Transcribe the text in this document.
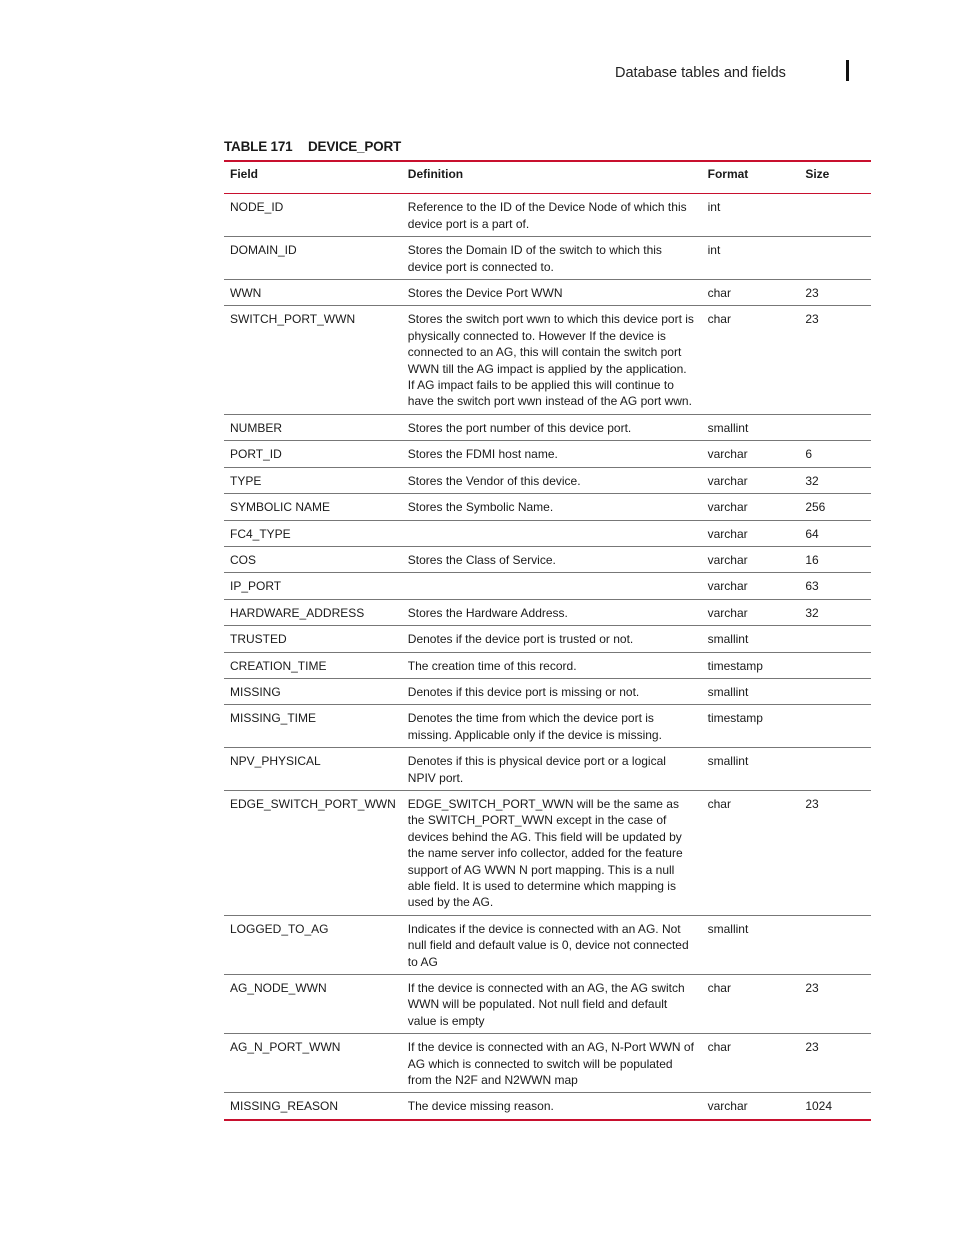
Database tables and fields
TABLE 171 DEVICE_PORT
Field	Definition	Format	Size
NODE_ID	Reference to the ID of the Device Node of which this device port is a part of.	int	
DOMAIN_ID	Stores the Domain ID of the switch to which this device port is connected to.	int	
WWN	Stores the Device Port WWN	char	23
SWITCH_PORT_WWN	Stores the switch port wwn to which this device port is physically connected to. However If the device is connected to an AG, this will contain the switch port WWN till the AG impact is applied by the application. If AG impact fails to be applied this will continue to have the switch port wwn instead of the AG port wwn.	char	23
NUMBER	Stores the port number of this device port.	smallint	
PORT_ID	Stores the FDMI host name.	varchar	6
TYPE	Stores the Vendor of this device.	varchar	32
SYMBOLIC NAME	Stores the Symbolic Name.	varchar	256
FC4_TYPE		varchar	64
COS	Stores the Class of Service.	varchar	16
IP_PORT		varchar	63
HARDWARE_ADDRESS	Stores the Hardware Address.	varchar	32
TRUSTED	Denotes if the device port is trusted or not.	smallint	
CREATION_TIME	The creation time of this record.	timestamp	
MISSING	Denotes if this device port is missing or not.	smallint	
MISSING_TIME	Denotes the time from which the device port is missing. Applicable only if the device is missing.	timestamp	
NPV_PHYSICAL	Denotes if this is physical device port or a logical NPIV port.	smallint	
EDGE_SWITCH_PORT_WWN	EDGE_SWITCH_PORT_WWN will be the same as the SWITCH_PORT_WWN except in the case of devices behind the AG. This field will be updated by the name server info collector, added for the feature support of AG WWN N port mapping. This is a null able field. It is used to determine which mapping is used by the AG.	char	23
LOGGED_TO_AG	Indicates if the device is connected with an AG. Not null field and default value is 0, device not connected to AG	smallint	
AG_NODE_WWN	If the device is connected with an AG, the AG switch WWN will be populated. Not null field and default value is empty	char	23
AG_N_PORT_WWN	If the device is connected with an AG, N-Port WWN of AG which is connected to switch will be populated from the N2F and N2WWN map	char	23
MISSING_REASON	The device missing reason.	varchar	1024
